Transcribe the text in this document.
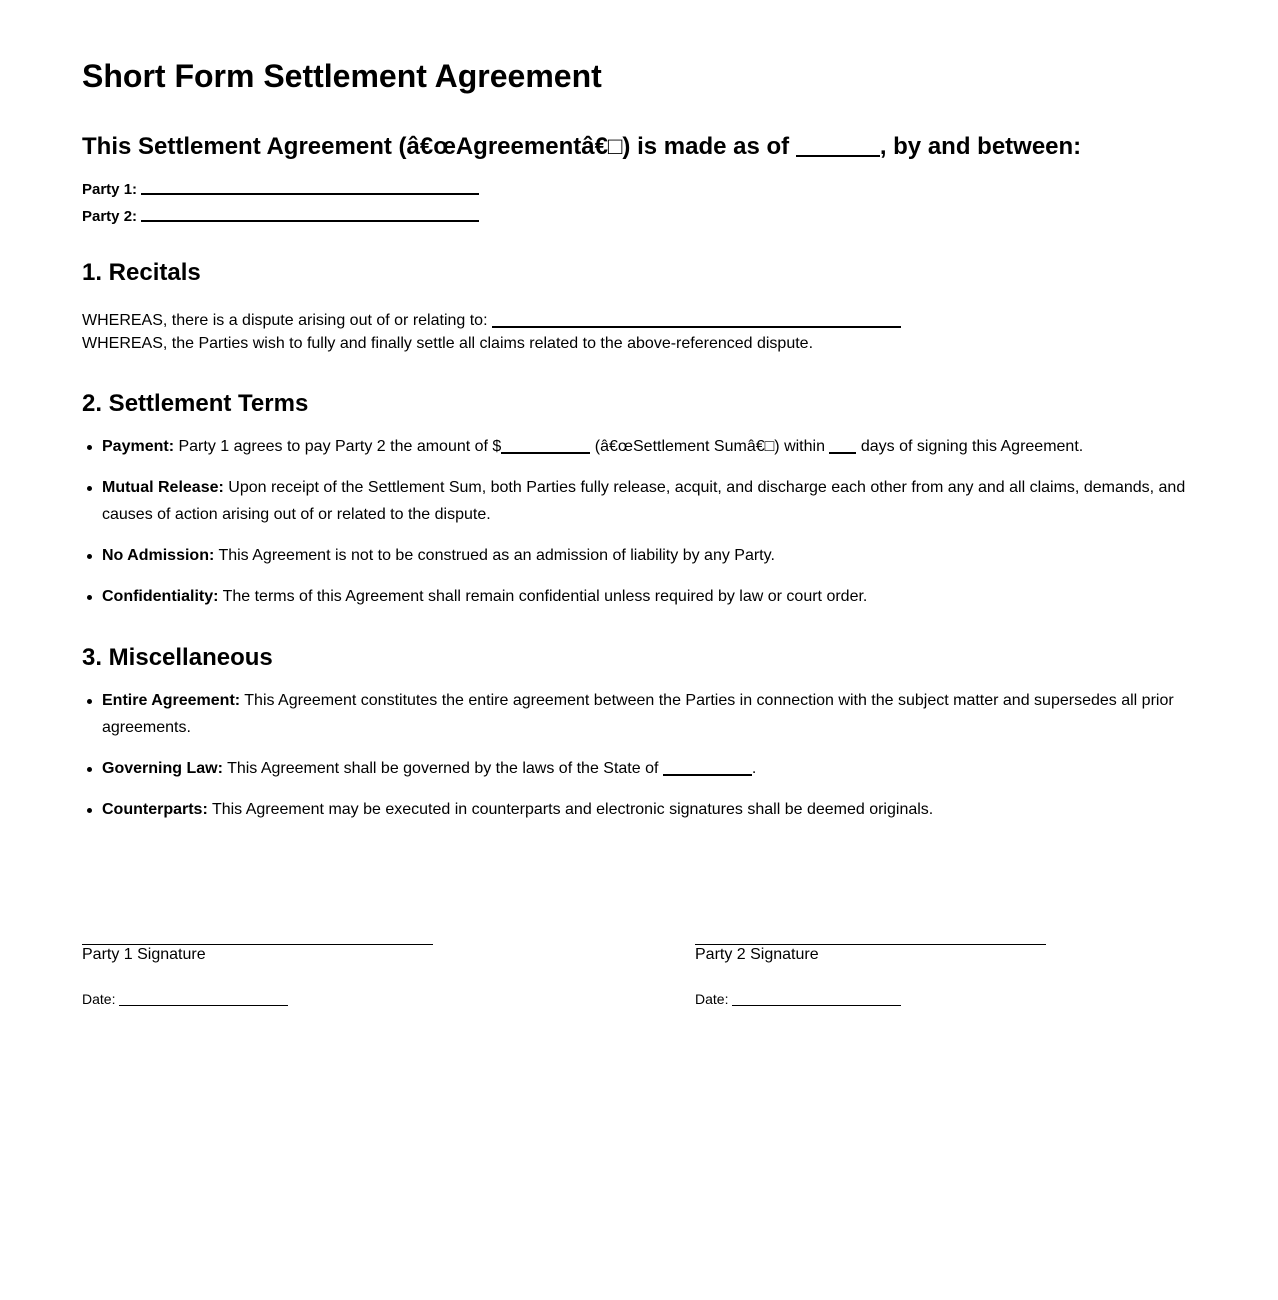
Short Form Settlement Agreement

This Settlement Agreement (â€œAgreementâ€□) is made as of	, by and between:

Party 1:
Party 2:
1. Recitals

WHEREAS, there is a dispute arising out of or relating to:

WHEREAS, the Parties wish to fully and finally settle all claims related to the above-referenced dispute.

2. Settlement Terms
Payment: Party 1 agrees to pay Party 2 the amount of $	(â€œSettlement Sumâ€□) within  days of signing this Agreement.
Mutual Release: Upon receipt of the Settlement Sum, both Parties fully release, acquit, and discharge each other from any and all claims, demands, and causes of action arising out of or related to the dispute.
No Admission: This Agreement is not to be construed as an admission of liability by any Party.
Confidentiality: The terms of this Agreement shall remain confidential unless required by law or court order.
3. Miscellaneous
Entire Agreement: This Agreement constitutes the entire agreement between the Parties in connection with the subject matter and supersedes all prior agreements.
Governing Law: This Agreement shall be governed by the laws of the State of	.
Counterparts: This Agreement may be executed in counterparts and electronic signatures shall be deemed originals.
Party 1 Signature
Date:
Party 2 Signature
Date:
